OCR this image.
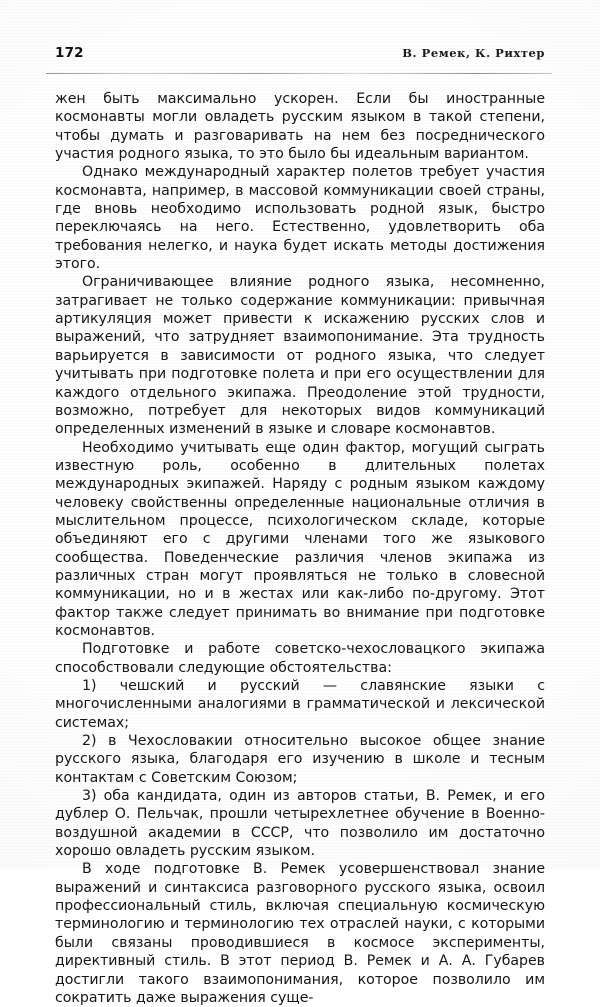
172	В. Ремек, К. Рихтер

жен быть максимально ускорен. Если бы иностранные космонавты могли овладеть русским языком в такой степени, чтобы думать и разговаривать на нем без посреднического участия родного языка, то это было бы идеальным вариантом.

Однако международный характер полетов требует участия космонавта, например, в массовой коммуникации своей страны, где вновь необходимо использовать родной язык, быстро переключаясь на него. Естественно, удовлетворить оба требования нелегко, и наука будет искать методы достижения этого.

Ограничивающее влияние родного языка, несомненно, затрагивает не только содержание коммуникации: привычная артикуляция может привести к искажению русских слов и выражений, что затрудняет взаимопонимание. Эта трудность варьируется в зависимости от родного языка, что следует учитывать при подготовке полета и при его осуществлении для каждого отдельного экипажа. Преодоление этой трудности, возможно, потребует для некоторых видов коммуникаций определенных изменений в языке и словаре космонавтов.

Необходимо учитывать еще один фактор, могущий сыграть известную роль, особенно в длительных полетах международных экипажей. Наряду с родным языком каждому человеку свойственны определенные национальные отличия в мыслительном процессе, психологическом складе, которые объединяют его с другими членами того же языкового сообщества. Поведенческие различия членов экипажа из различных стран могут проявляться не только в словесной коммуникации, но и в жестах или как-либо по-другому. Этот фактор также следует принимать во внимание при подготовке космонавтов.

Подготовке и работе советско-чехословацкого экипажа способствовали следующие обстоятельства:

1) чешский и русский — славянские языки с многочисленными аналогиями в грамматической и лексической системах;

2) в Чехословакии относительно высокое общее знание русского языка, благодаря его изучению в школе и тесным контактам с Советским Союзом;

3) оба кандидата, один из авторов статьи, В. Ремек, и его дублер О. Пельчак, прошли четырехлетнее обучение в Военно-воздушной академии в СССР, что позволило им достаточно хорошо овладеть русским языком.

В ходе подготовке В. Ремек усовершенствовал знание выражений и синтаксиса разговорного русского языка, освоил профессиональный стиль, включая специальную космическую терминологию и терминологию тех отраслей науки, с которыми были связаны проводившиеся в космосе эксперименты, директивный стиль. В этот период В. Ремек и А. А. Губарев достигли такого взаимопонимания, которое позволило им сократить даже выражения суще-
